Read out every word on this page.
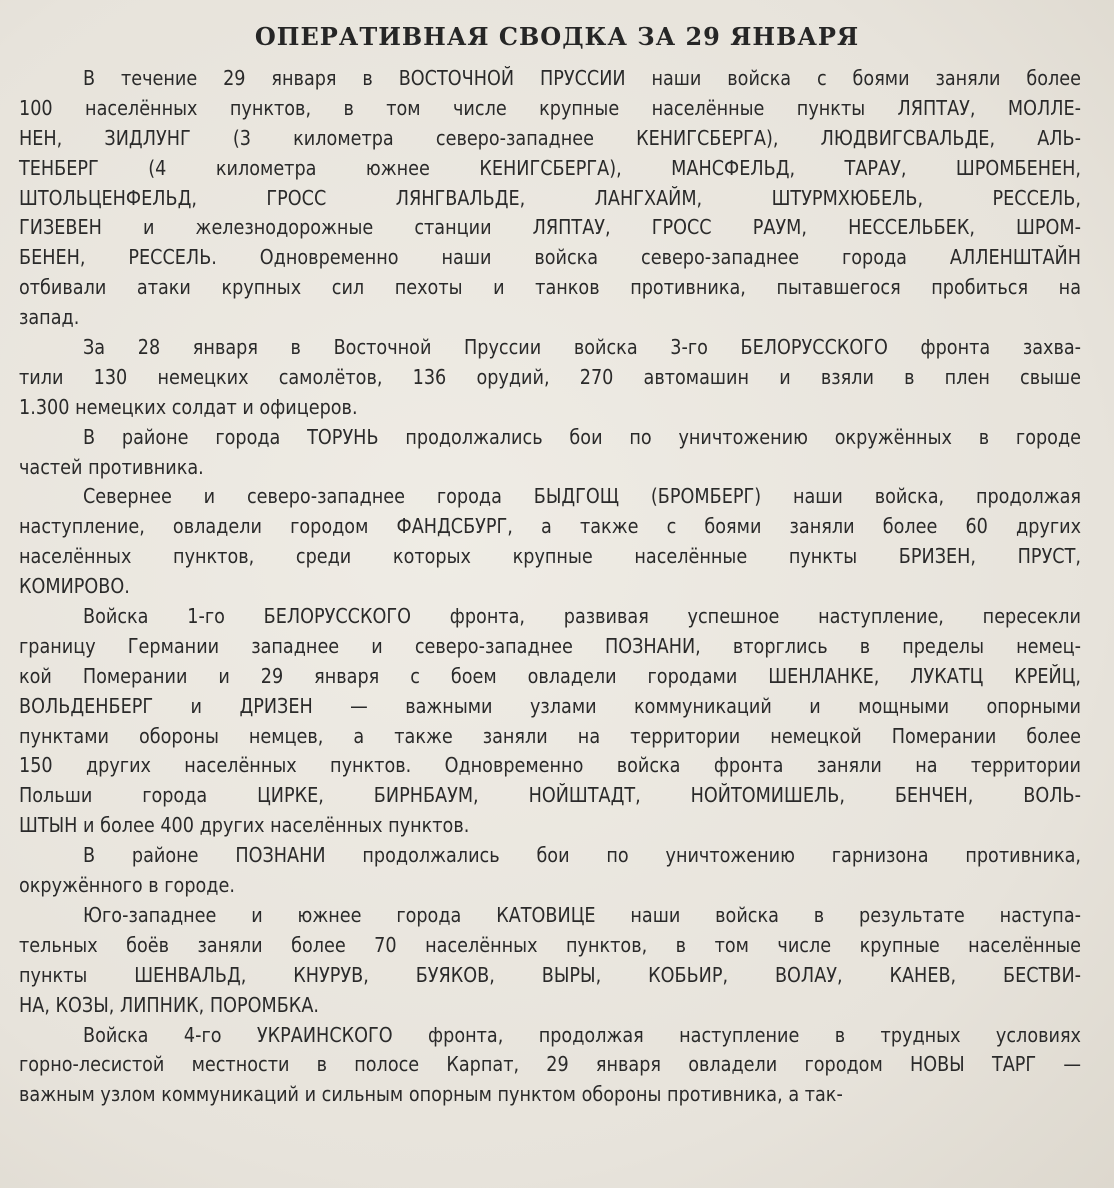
ОПЕРАТИВНАЯ СВОДКА ЗА 29 ЯНВАРЯ
В течение 29 января в ВОСТОЧНОЙ ПРУССИИ наши войска с боями заняли более
100 населённых пунктов, в том числе крупные населённые пункты ЛЯПТАУ, МОЛЛЕ-
НЕН, ЗИДЛУНГ (3 километра северо-западнее КЕНИГСБЕРГА), ЛЮДВИГСВАЛЬДЕ, АЛЬ-
ТЕНБЕРГ (4 километра южнее КЕНИГСБЕРГА), МАНСФЕЛЬД, ТАРАУ, ШРОМБЕНЕН,
ШТОЛЬЦЕНФЕЛЬД, ГРОСС ЛЯНГВАЛЬДЕ, ЛАНГХАЙМ, ШТУРМХЮБЕЛЬ, РЕССЕЛЬ,
ГИЗЕВЕН и железнодорожные станции ЛЯПТАУ, ГРОСС РАУМ, НЕССЕЛЬБЕК, ШРОМ-
БЕНЕН, РЕССЕЛЬ. Одновременно наши войска северо-западнее города АЛЛЕНШТАЙН
отбивали атаки крупных сил пехоты и танков противника, пытавшегося пробиться на
запад.
За 28 января в Восточной Пруссии войска 3-го БЕЛОРУССКОГО фронта захва-
тили 130 немецких самолётов, 136 орудий, 270 автомашин и взяли в плен свыше
1.300 немецких солдат и офицеров.
В районе города ТОРУНЬ продолжались бои по уничтожению окружённых в городе
частей противника.
Севернее и северо-западнее города БЫДГОЩ (БРОМБЕРГ) наши войска, продолжая
наступление, овладели городом ФАНДСБУРГ, а также с боями заняли более 60 других
населённых пунктов, среди которых крупные населённые пункты БРИЗЕН, ПРУСТ,
КОМИРОВО.
Войска 1-го БЕЛОРУССКОГО фронта, развивая успешное наступление, пересекли
границу Германии западнее и северо-западнее ПОЗНАНИ, вторглись в пределы немец-
кой Померании и 29 января с боем овладели городами ШЕНЛАНКЕ, ЛУКАТЦ КРЕЙЦ,
ВОЛЬДЕНБЕРГ и ДРИЗЕН — важными узлами коммуникаций и мощными опорными
пунктами обороны немцев, а также заняли на территории немецкой Померании более
150 других населённых пунктов. Одновременно войска фронта заняли на территории
Польши города ЦИРКЕ, БИРНБАУМ, НОЙШТАДТ, НОЙТОМИШЕЛЬ, БЕНЧЕН, ВОЛЬ-
ШТЫН и более 400 других населённых пунктов.
В районе ПОЗНАНИ продолжались бои по уничтожению гарнизона противника,
окружённого в городе.
Юго-западнее и южнее города КАТОВИЦЕ наши войска в результате наступа-
тельных боёв заняли более 70 населённых пунктов, в том числе крупные населённые
пункты ШЕНВАЛЬД, КНУРУВ, БУЯКОВ, ВЫРЫ, КОБЬИР, ВОЛАУ, КАНЕВ, БЕСТВИ-
НА, КОЗЫ, ЛИПНИК, ПОРОМБКА.
Войска 4-го УКРАИНСКОГО фронта, продолжая наступление в трудных условиях
горно-лесистой местности в полосе Карпат, 29 января овладели городом НОВЫ ТАРГ —
важным узлом коммуникаций и сильным опорным пунктом обороны противника, а так-
